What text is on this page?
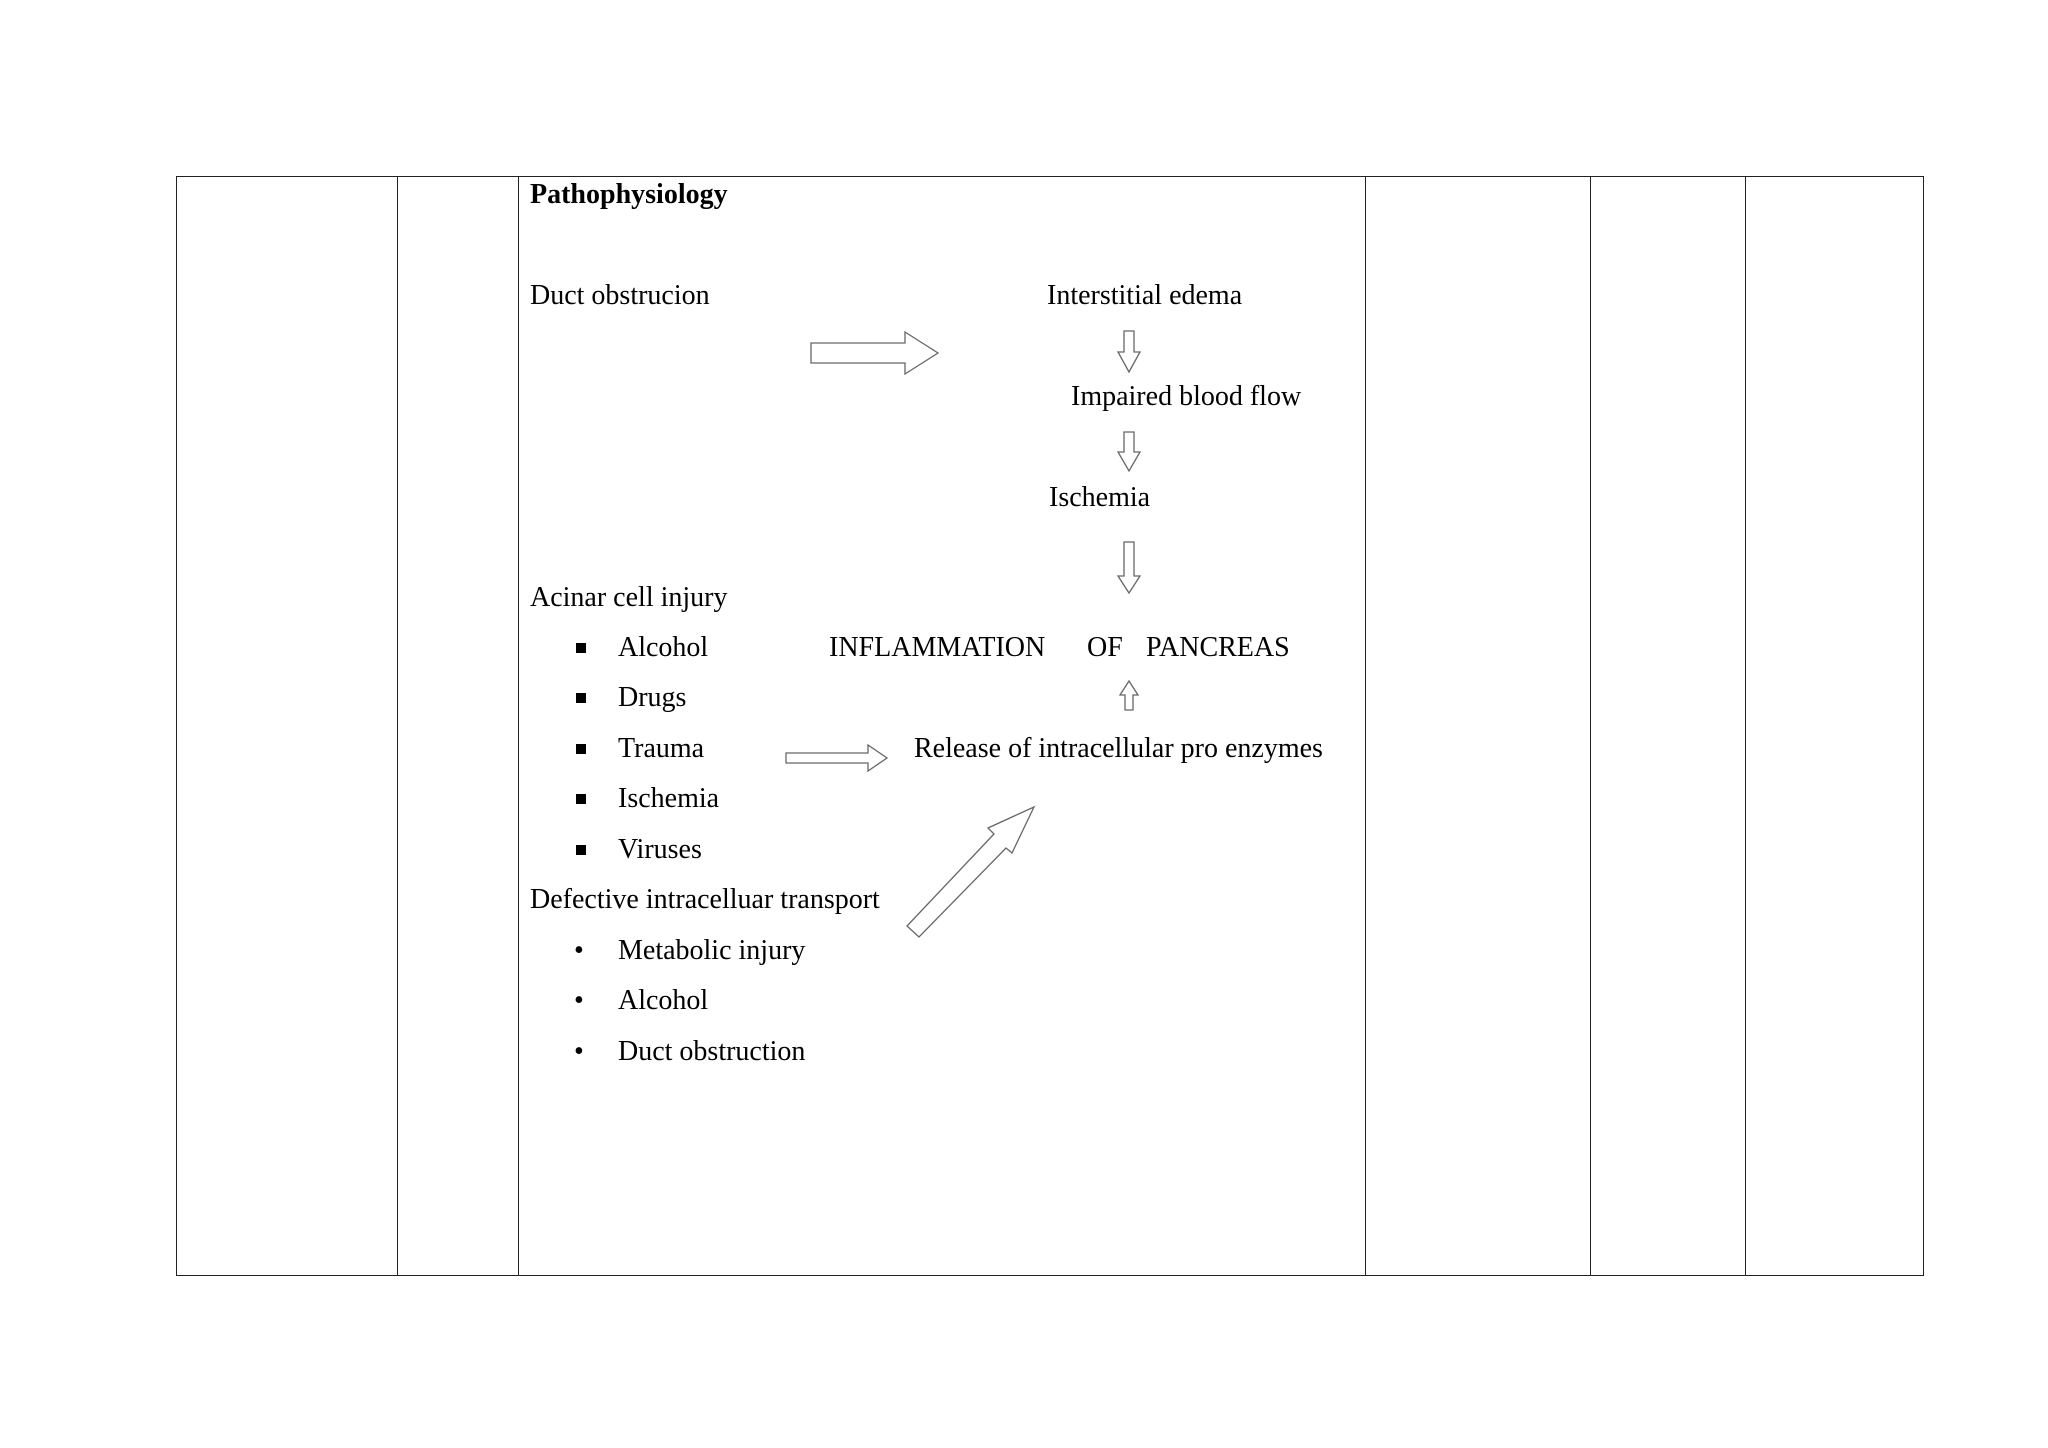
Pathophysiology
Duct obstrucion	Interstitial edema
Impaired blood flow
Ischemia
Acinar cell injury
Alcohol
Drugs
Trauma
Ischemia
Viruses
INFLAMMATION OF PANCREAS
Release of intracellular pro enzymes
Defective intracelluar transport
• Metabolic injury
• Alcohol
• Duct obstruction
